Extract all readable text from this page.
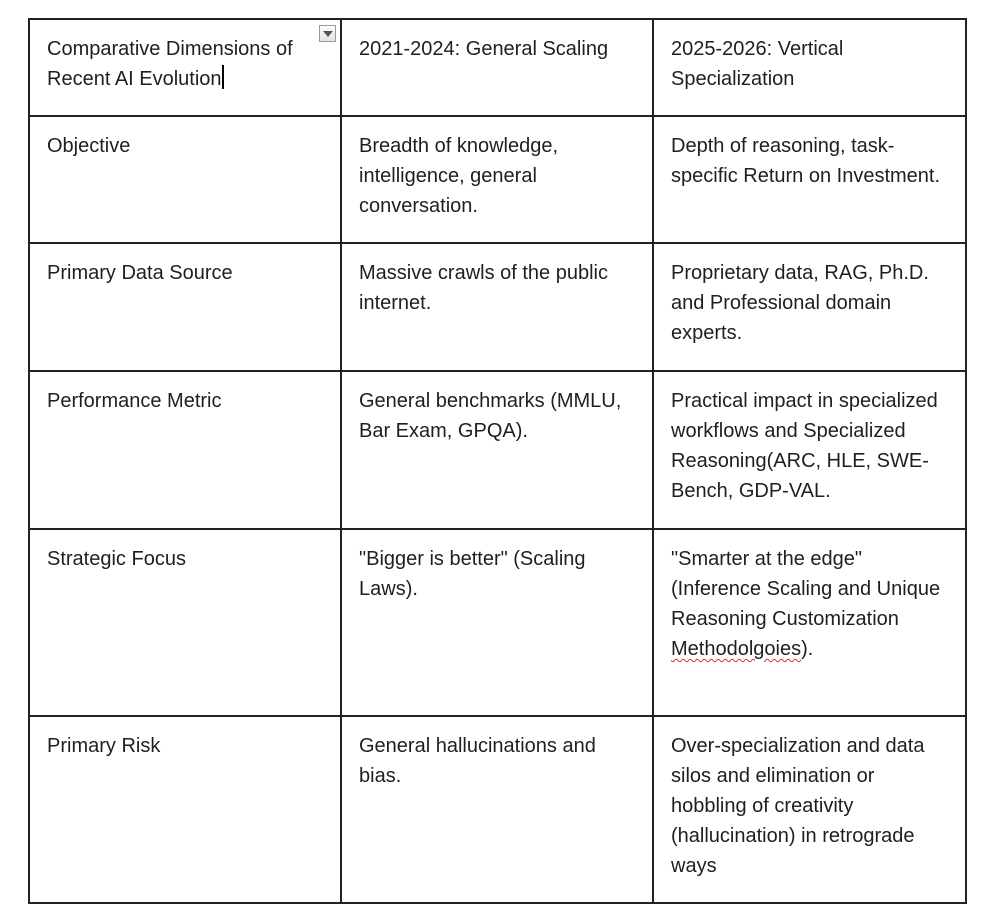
Comparative Dimensions of Recent AI Evolution	2021-2024: General Scaling	2025-2026: Vertical Specialization
Objective	Breadth of knowledge, intelligence, general conversation.	Depth of reasoning, task-specific Return on Investment.
Primary Data Source	Massive crawls of the public internet.	Proprietary data, RAG, Ph.D. and Professional domain experts.
Performance Metric	General benchmarks (MMLU, Bar Exam, GPQA).	Practical impact in specialized workflows and Specialized Reasoning(ARC, HLE, SWE-Bench, GDP-VAL.
Strategic Focus	"Bigger is better" (Scaling Laws).	"Smarter at the edge" (Inference Scaling and Unique Reasoning Customization Methodolgoies).
Primary Risk	General hallucinations and bias.	Over-specialization and data silos and elimination or hobbling of creativity (hallucination) in retrograde ways
